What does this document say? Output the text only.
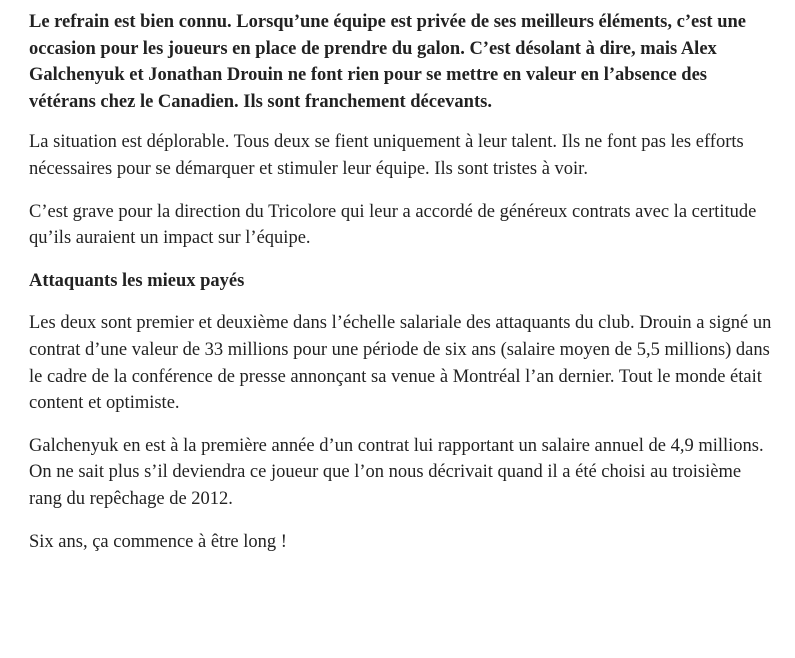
Le refrain est bien connu. Lorsqu’une équipe est privée de ses meilleurs éléments, c’est une occasion pour les joueurs en place de prendre du galon. C’est désolant à dire, mais Alex Galchenyuk et Jonathan Drouin ne font rien pour se mettre en valeur en l’absence des vétérans chez le Canadien. Ils sont franchement décevants.

La situation est déplorable. Tous deux se fient uniquement à leur talent. Ils ne font pas les efforts nécessaires pour se démarquer et stimuler leur équipe. Ils sont tristes à voir.

C’est grave pour la direction du Tricolore qui leur a accordé de généreux contrats avec la certitude qu’ils auraient un impact sur l’équipe.

Attaquants les mieux payés

Les deux sont premier et deuxième dans l’échelle salariale des attaquants du club. Drouin a signé un contrat d’une valeur de 33 millions pour une période de six ans (salaire moyen de 5,5 millions) dans le cadre de la conférence de presse annonçant sa venue à Montréal l’an dernier. Tout le monde était content et optimiste.

Galchenyuk en est à la première année d’un contrat lui rapportant un salaire annuel de 4,9 millions. On ne sait plus s’il deviendra ce joueur que l’on nous décrivait quand il a été choisi au troisième rang du repêchage de 2012.

Six ans, ça commence à être long !
